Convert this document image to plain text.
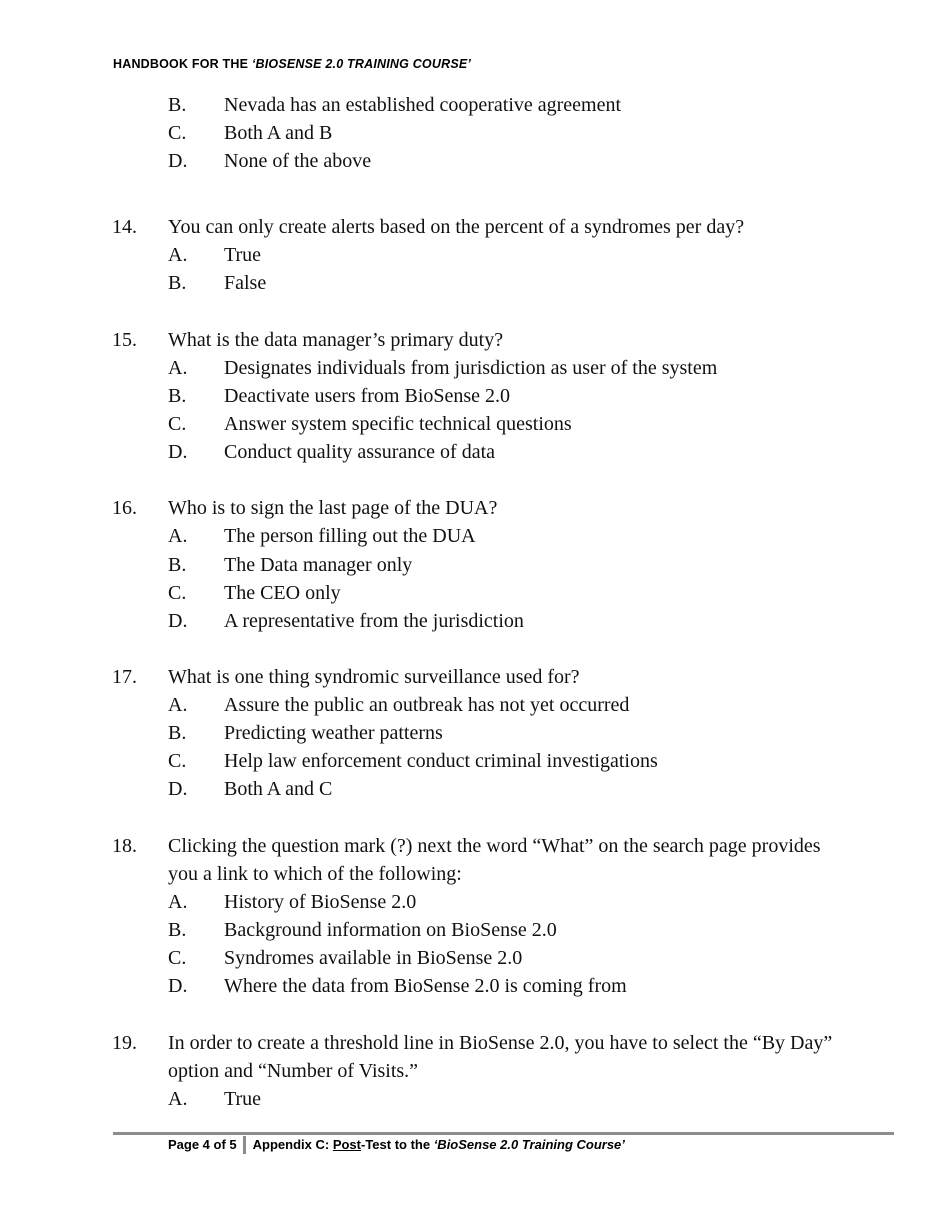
HANDBOOK FOR THE ‘BIOSENSE 2.0 TRAINING COURSE’
B. Nevada has an established cooperative agreement
C. Both A and B
D. None of the above
14. You can only create alerts based on the percent of a syndromes per day?
A. True
B. False
15. What is the data manager’s primary duty?
A. Designates individuals from jurisdiction as user of the system
B. Deactivate users from BioSense 2.0
C. Answer system specific technical questions
D. Conduct quality assurance of data
16. Who is to sign the last page of the DUA?
A. The person filling out the DUA
B. The Data manager only
C. The CEO only
D. A representative from the jurisdiction
17. What is one thing syndromic surveillance used for?
A. Assure the public an outbreak has not yet occurred
B. Predicting weather patterns
C. Help law enforcement conduct criminal investigations
D. Both A and C
18. Clicking the question mark (?) next the word “What” on the search page provides
you a link to which of the following:
A. History of BioSense 2.0
B. Background information on BioSense 2.0
C. Syndromes available in BioSense 2.0
D. Where the data from BioSense 2.0 is coming from
19. In order to create a threshold line in BioSense 2.0, you have to select the “By Day”
option and “Number of Visits.”
A. True
Page 4 of 5 Appendix C: Post-Test to the ‘BioSense 2.0 Training Course’
